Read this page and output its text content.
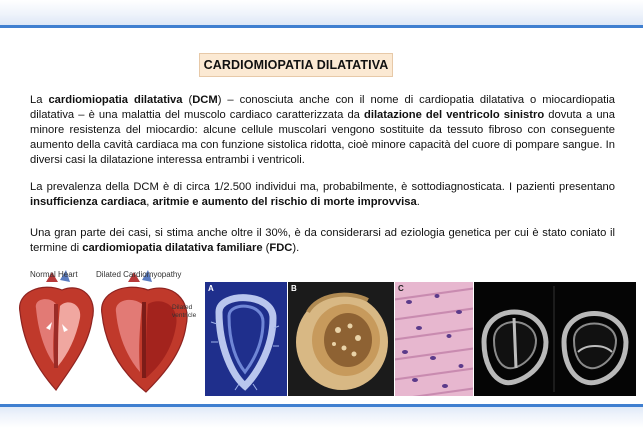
CARDIOMIOPATIA DILATATIVA

La cardiomiopatia dilatativa (DCM) – conosciuta anche con il nome di cardiopatia dilatativa o miocardiopatia dilatativa – è una malattia del muscolo cardiaco caratterizzata da dilatazione del ventricolo sinistro dovuta a una minore resistenza del miocardio: alcune cellule muscolari vengono sostituite da tessuto fibroso con conseguente aumento della cavità cardiaca ma con funzione sistolica ridotta, cioè minore capacità del cuore di pompare sangue. In diversi casi la dilatazione interessa entrambi i ventricoli.

La prevalenza della DCM è di circa 1/2.500 individui ma, probabilmente, è sottodiagnosticata. I pazienti presentano insufficienza cardiaca, aritmie e aumento del rischio di morte improvvisa.

Una gran parte dei casi, si stima anche oltre il 30%, è da considerarsi ad eziologia genetica per cui è stato coniato il termine di cardiomiopatia dilatativa familiare (FDC).

Normal Heart Dilated Cardiomyopathy
Dilated ventricle
A	B	C
